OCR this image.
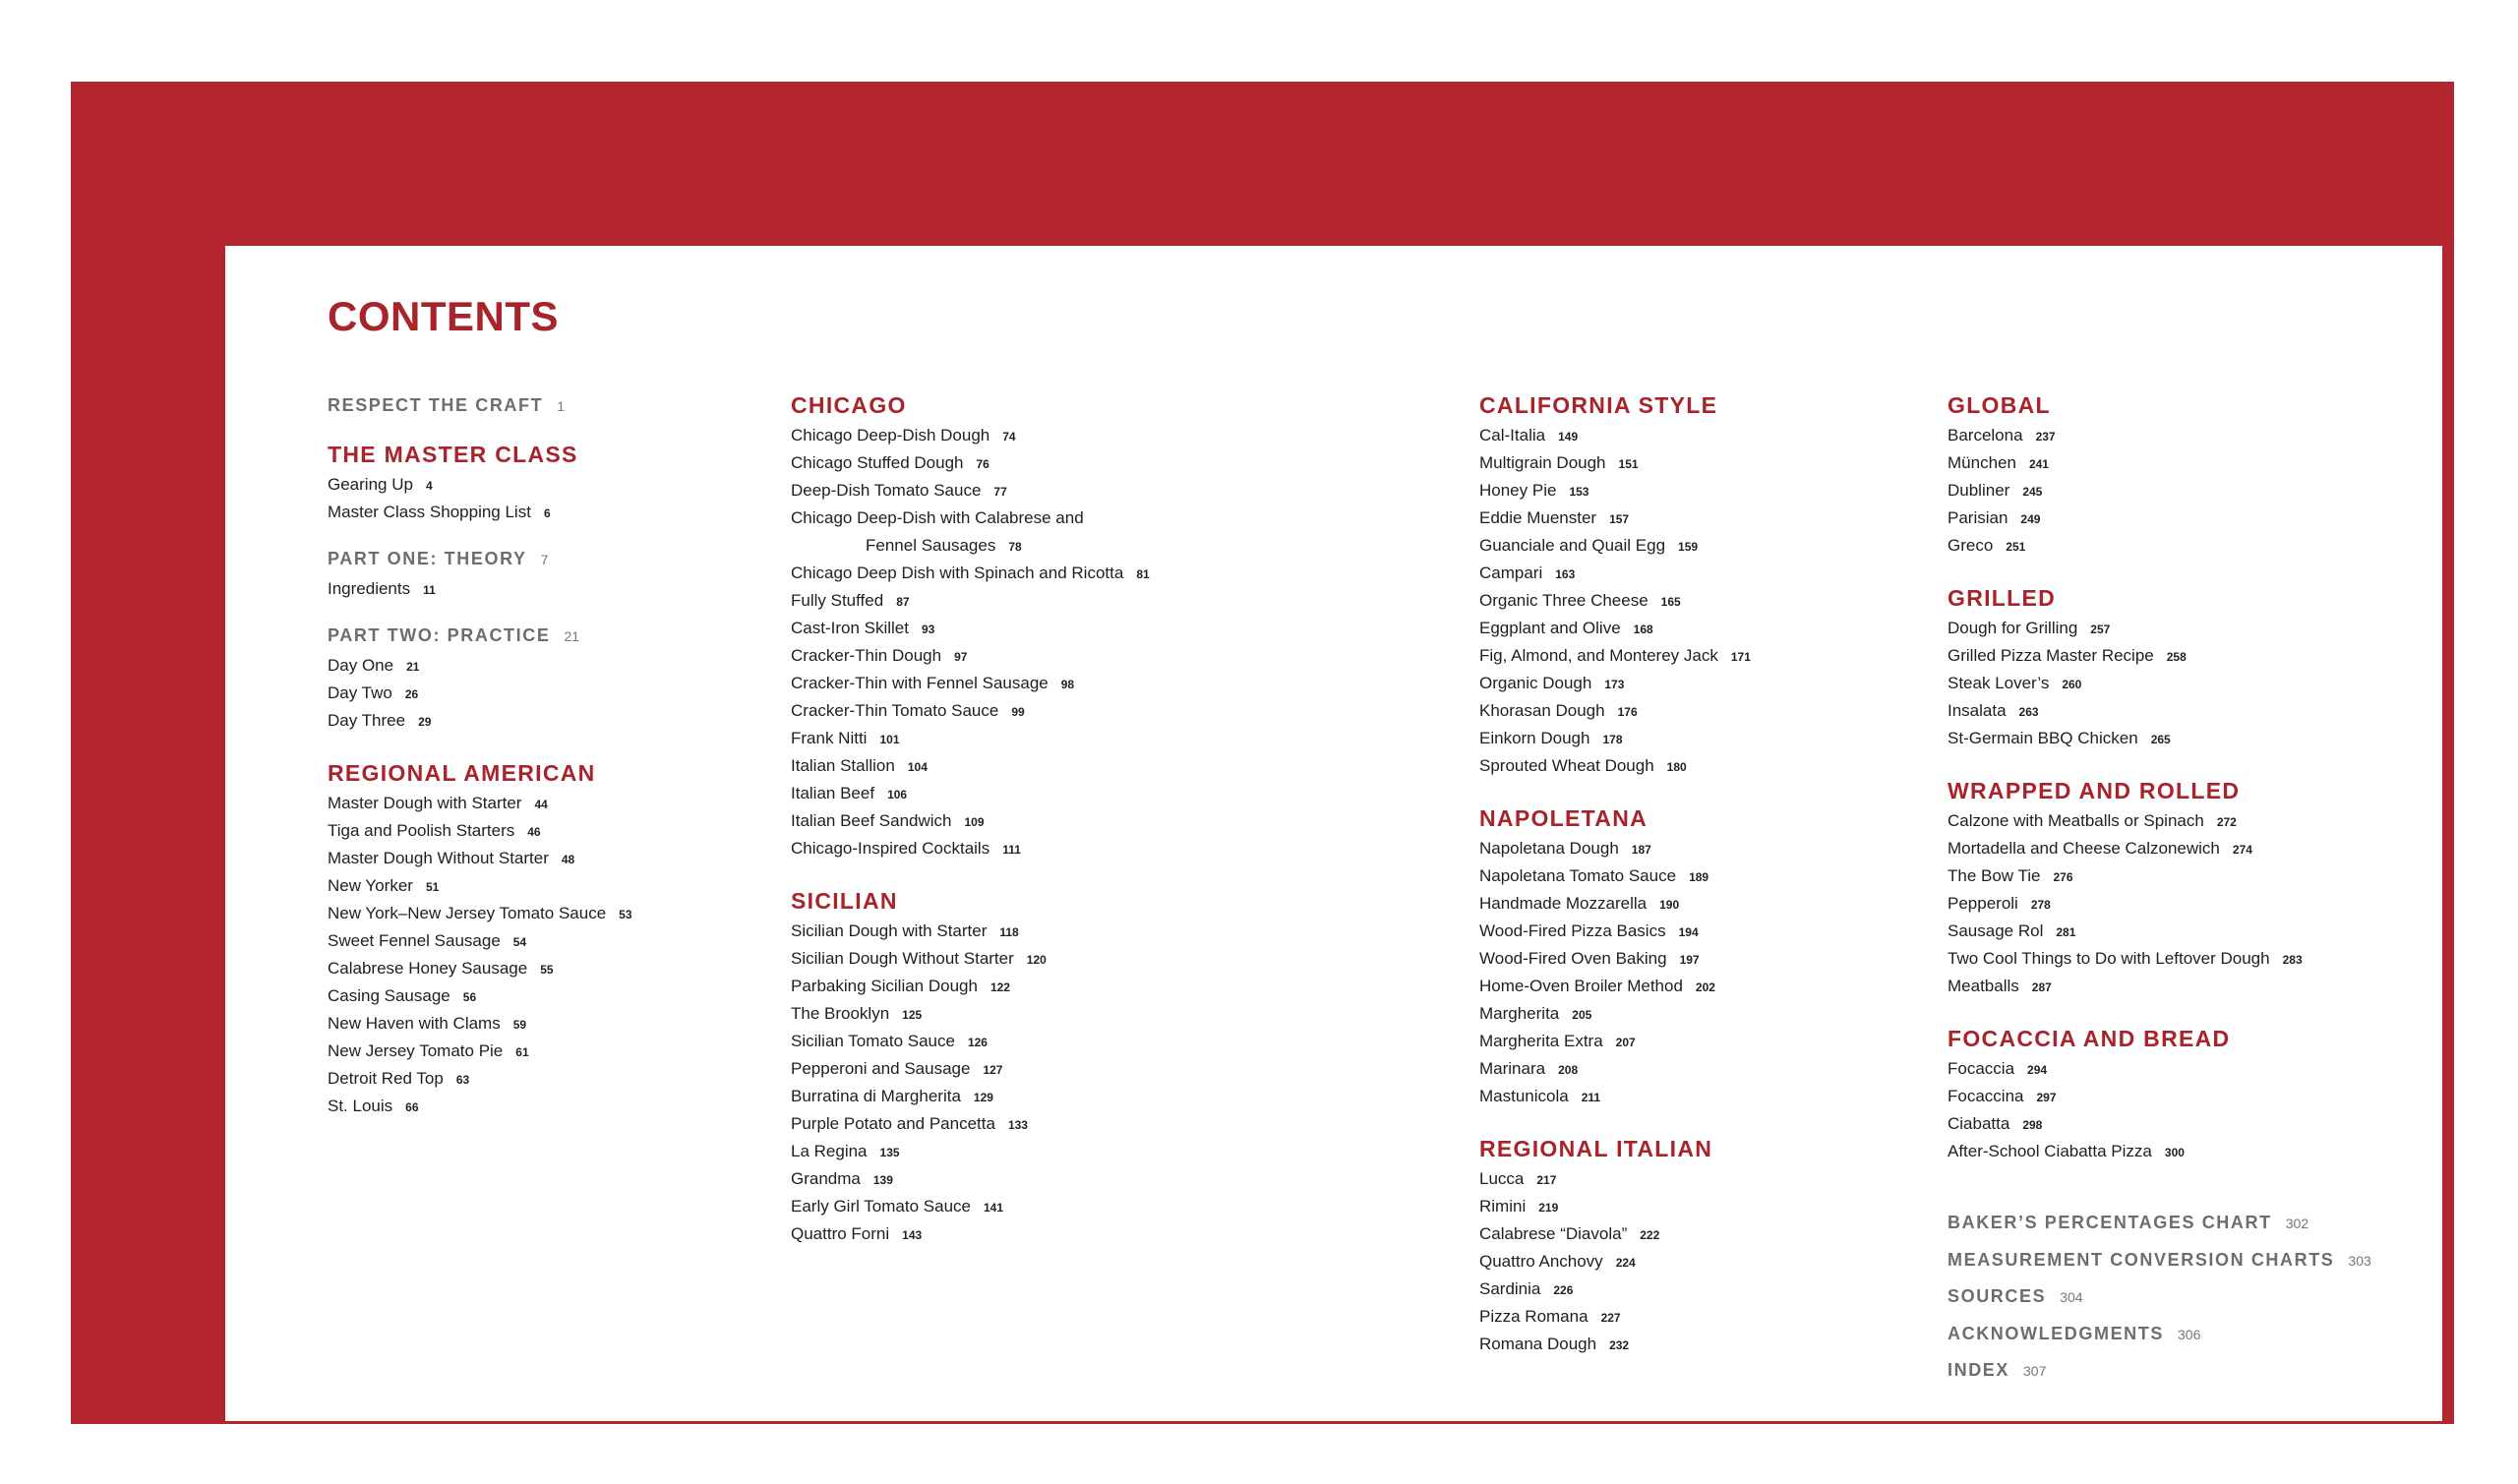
CONTENTS
RESPECT THE CRAFT 1
THE MASTER CLASS
Gearing Up 4
Master Class Shopping List 6
PART ONE: THEORY 7
Ingredients 11
PART TWO: PRACTICE 21
Day One 21
Day Two 26
Day Three 29
REGIONAL AMERICAN
Master Dough with Starter 44
Tiga and Poolish Starters 46
Master Dough Without Starter 48
New Yorker 51
New York–New Jersey Tomato Sauce 53
Sweet Fennel Sausage 54
Calabrese Honey Sausage 55
Casing Sausage 56
New Haven with Clams 59
New Jersey Tomato Pie 61
Detroit Red Top 63
St. Louis 66
CHICAGO
Chicago Deep-Dish Dough 74
Chicago Stuffed Dough 76
Deep-Dish Tomato Sauce 77
Chicago Deep-Dish with Calabrese and
Fennel Sausages 78
Chicago Deep Dish with Spinach and Ricotta 81
Fully Stuffed 87
Cast-Iron Skillet 93
Cracker-Thin Dough 97
Cracker-Thin with Fennel Sausage 98
Cracker-Thin Tomato Sauce 99
Frank Nitti 101
Italian Stallion 104
Italian Beef 106
Italian Beef Sandwich 109
Chicago-Inspired Cocktails 111
SICILIAN
Sicilian Dough with Starter 118
Sicilian Dough Without Starter 120
Parbaking Sicilian Dough 122
The Brooklyn 125
Sicilian Tomato Sauce 126
Pepperoni and Sausage 127
Burratina di Margherita 129
Purple Potato and Pancetta 133
La Regina 135
Grandma 139
Early Girl Tomato Sauce 141
Quattro Forni 143
CALIFORNIA STYLE
Cal-Italia 149
Multigrain Dough 151
Honey Pie 153
Eddie Muenster 157
Guanciale and Quail Egg 159
Campari 163
Organic Three Cheese 165
Eggplant and Olive 168
Fig, Almond, and Monterey Jack 171
Organic Dough 173
Khorasan Dough 176
Einkorn Dough 178
Sprouted Wheat Dough 180
NAPOLETANA
Napoletana Dough 187
Napoletana Tomato Sauce 189
Handmade Mozzarella 190
Wood-Fired Pizza Basics 194
Wood-Fired Oven Baking 197
Home-Oven Broiler Method 202
Margherita 205
Margherita Extra 207
Marinara 208
Mastunicola 211
REGIONAL ITALIAN
Lucca 217
Rimini 219
Calabrese “Diavola” 222
Quattro Anchovy 224
Sardinia 226
Pizza Romana 227
Romana Dough 232
GLOBAL
Barcelona 237
München 241
Dubliner 245
Parisian 249
Greco 251
GRILLED
Dough for Grilling 257
Grilled Pizza Master Recipe 258
Steak Lover’s 260
Insalata 263
St-Germain BBQ Chicken 265
WRAPPED AND ROLLED
Calzone with Meatballs or Spinach 272
Mortadella and Cheese Calzonewich 274
The Bow Tie 276
Pepperoli 278
Sausage Rol 281
Two Cool Things to Do with Leftover Dough 283
Meatballs 287
FOCACCIA AND BREAD
Focaccia 294
Focaccina 297
Ciabatta 298
After-School Ciabatta Pizza 300
BAKER’S PERCENTAGES CHART 302
MEASUREMENT CONVERSION CHARTS 303
SOURCES 304
ACKNOWLEDGMENTS 306
INDEX 307
